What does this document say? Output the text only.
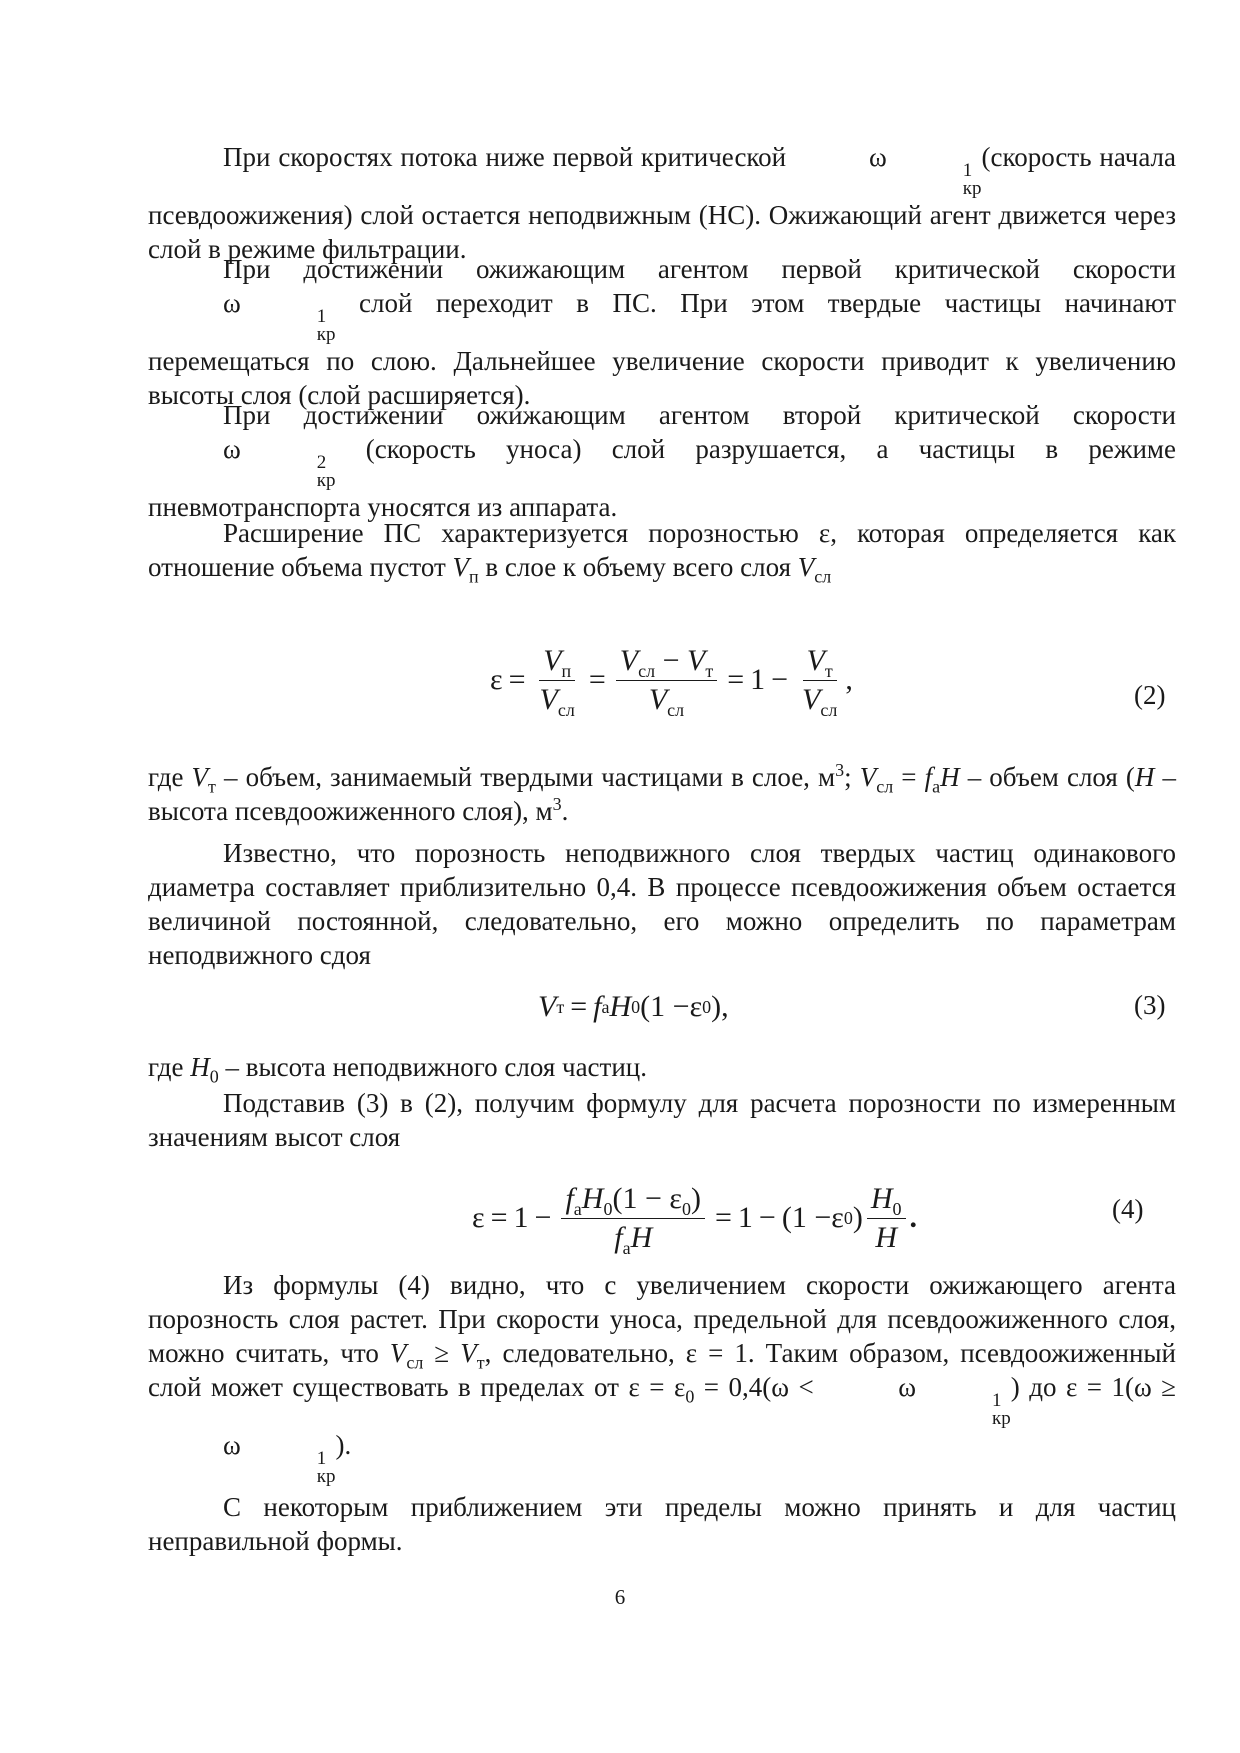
При скоростях потока ниже первой критической	ω	1
кр
(скорость начала псевдоожижения) слой остается неподвижным (НС). Ожижающий агент движется через слой в режиме фильтрации.
При достижении ожижающим агентом первой критической скорости ω	1
кр
слой переходит в ПС. При этом твердые частицы начинают перемещаться по слою. Дальнейшее увеличение скорости приводит к увеличению высоты слоя (слой расширяется).
При достижении ожижающим агентом второй критической скорости ω	2
кр
(скорость уноса) слой разрушается, а частицы в режиме пневмотранспорта уносятся из аппарата.
Расширение ПС характеризуется порозностью ε, которая определяется как отношение объема пустот $V_п$ в слое к объему всего слоя $V_{сл}$
$\varepsilon = \frac{V_п}{V_{сл}} = \frac{V_{сл} - V_т}{V_{сл}} = 1 - \frac{V_т}{V_{сл}}$ ,	(2)
где $V_т$ – объем, занимаемый твердыми частицами в слое, $м^3$; $V_{сл} = f_аH$ – объем слоя (H – высота псевдоожиженного слоя), $м^3$.
Известно, что порозность неподвижного слоя твердых частиц одинакового диаметра составляет приблизительно 0,4. В процессе псевдоожижения объем остается величиной постоянной, следовательно, его можно определить по параметрам неподвижного сдоя
V т = f а H 0 (1 − ε 0 ),	(3)
где $H_0$ – высота неподвижного слоя частиц.
Подставив (3) в (2), получим формулу для расчета порозности по измеренным значениям высот слоя
$\varepsilon = 1 - \frac{f_аH_0(1 - \varepsilon_0)}{f_аH} = 1 - (1 - \varepsilon$ 0 ) $\frac{H_0}{H}$ .	(4)
Из формулы (4) видно, что с увеличением скорости ожижающего агента порозность слоя растет. При скорости уноса, предельной для псевдоожиженного слоя, можно считать, что $V_{сл} \ge V_т$, следовательно, ε = 1. Таким образом, псевдоожиженный слой может существовать в пределах от $\varepsilon = \varepsilon_0 = 0,4(\omega$ <	ω	1
кр
) до ε = 1(ω ≥ ω	1
кр
).
С некоторым приближением эти пределы можно принять и для частиц неправильной формы.
6
